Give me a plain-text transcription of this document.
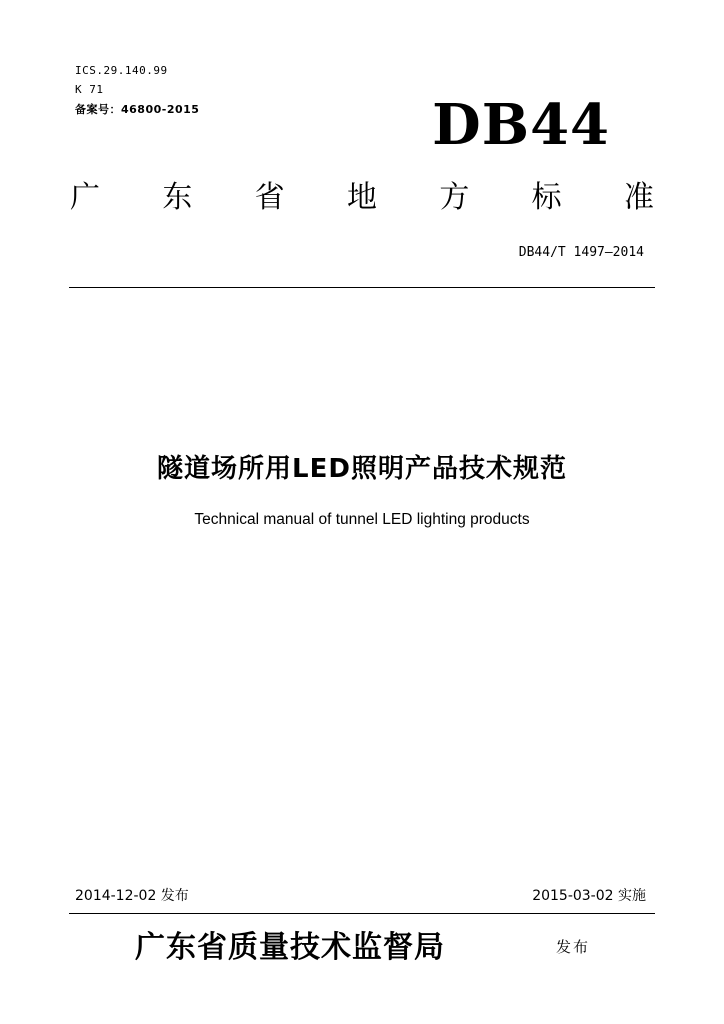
ICS.29.140.99
K 71
备案号：46800-2015	DB44
广 东 省 地 方 标 准
DB44/T 1497—2014
隧道场所用LED照明产品技术规范
Technical manual of tunnel LED lighting products
2014-12-02 发布	2015-03-02 实施
广东省质量技术监督局	发布
